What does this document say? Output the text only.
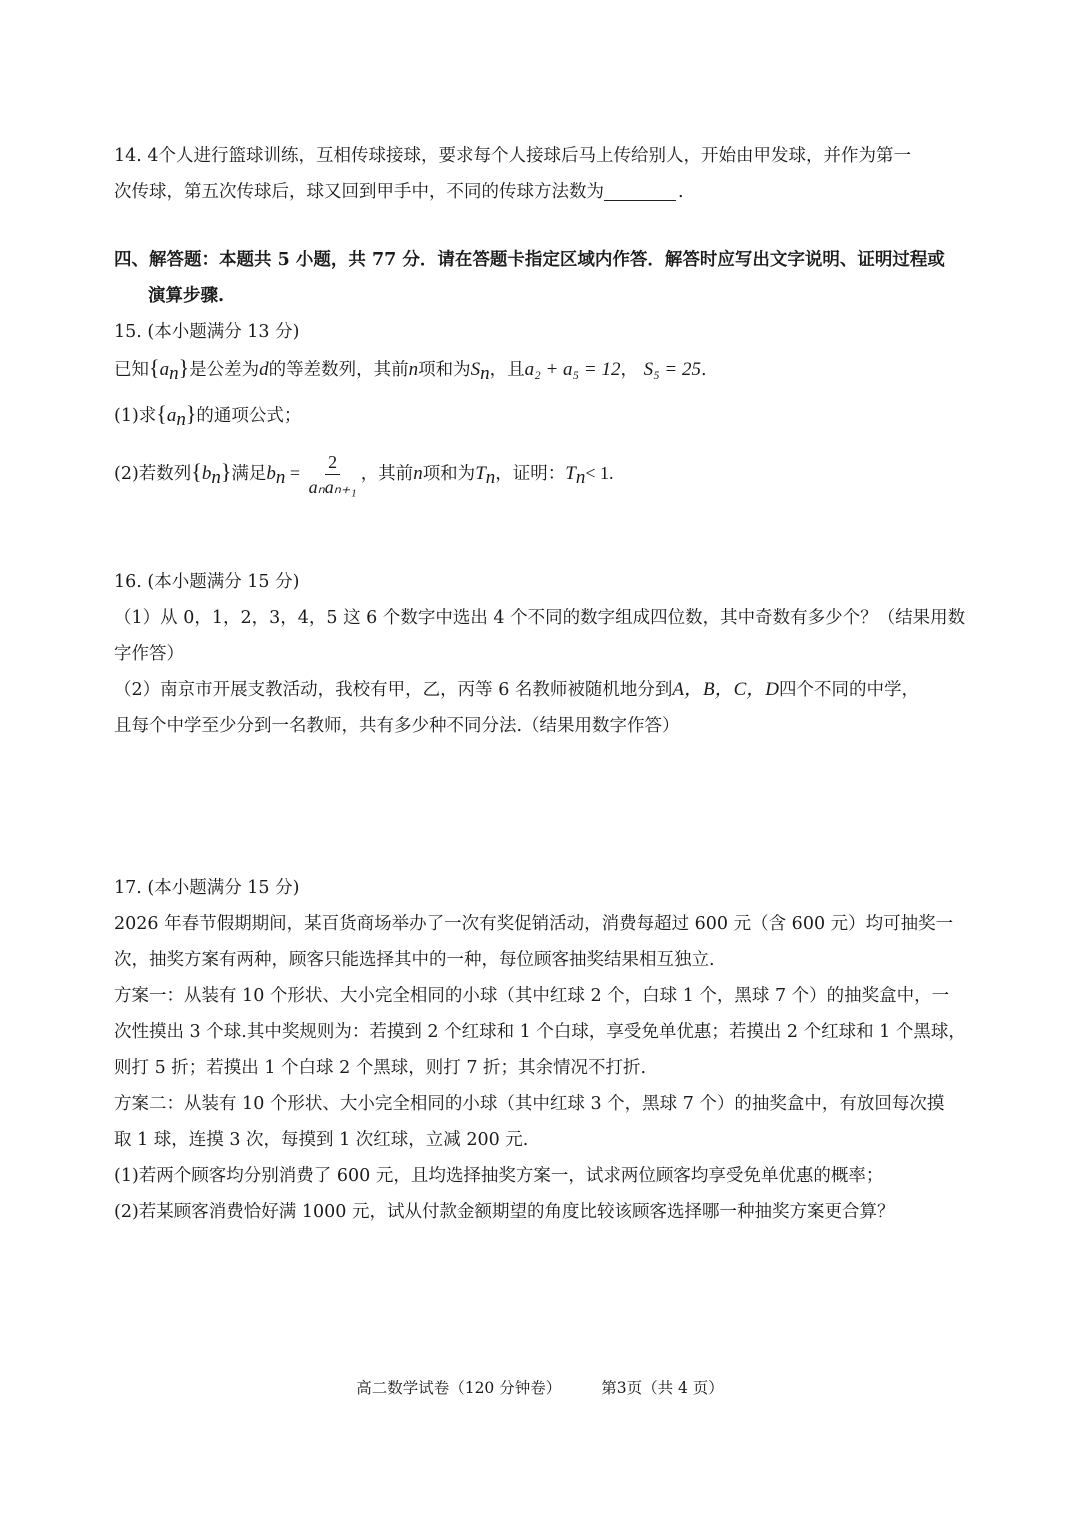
14. 4个人进行篮球训练，互相传球接球，要求每个人接球后马上传给别人，开始由甲发球，并作为第一
次传球，第五次传球后，球又回到甲手中，不同的传球方法数为	.
四、解答题：本题共 5 小题，共 77 分．请在答题卡指定区域内作答．解答时应写出文字说明、证明过程或
演算步骤.
15. (本小题满分 13 分)
已知$\{a_n\}$是公差为d的等差数列，其前n项和为$S_n$，且a₂ + a₅ = 12， S₅ = 25.
(1)求$\{a_n\}$的通项公式；
(2)若数列$\{b_n\}$满足$b_n = \frac{2}{\text{aₙaₙ₊₁}}$ ，其前n项和为$T_n$，证明：$T_n< 1$.
16. (本小题满分 15 分)
（1）从 0，1，2，3，4，5 这 6 个数字中选出 4 个不同的数字组成四位数，其中奇数有多少个？（结果用数
字作答）
（2）南京市开展支教活动，我校有甲，乙，丙等 6 名教师被随机地分到A，B，C，D四个不同的中学，
且每个中学至少分到一名教师，共有多少种不同分法.（结果用数字作答）
17. (本小题满分 15 分)
2026 年春节假期期间，某百货商场举办了一次有奖促销活动，消费每超过 600 元（含 600 元）均可抽奖一
次，抽奖方案有两种，顾客只能选择其中的一种，每位顾客抽奖结果相互独立.
方案一：从装有 10 个形状、大小完全相同的小球（其中红球 2 个，白球 1 个，黑球 7 个）的抽奖盒中，一
次性摸出 3 个球.其中奖规则为：若摸到 2 个红球和 1 个白球，享受免单优惠；若摸出 2 个红球和 1 个黑球，
则打 5 折；若摸出 1 个白球 2 个黑球，则打 7 折；其余情况不打折.
方案二：从装有 10 个形状、大小完全相同的小球（其中红球 3 个，黑球 7 个）的抽奖盒中，有放回每次摸
取 1 球，连摸 3 次，每摸到 1 次红球，立减 200 元.
(1)若两个顾客均分别消费了 600 元，且均选择抽奖方案一，试求两位顾客均享受免单优惠的概率；
(2)若某顾客消费恰好满 1000 元，试从付款金额期望的角度比较该顾客选择哪一种抽奖方案更合算？
高二数学试卷（120 分钟卷）	第3页（共 4 页）
